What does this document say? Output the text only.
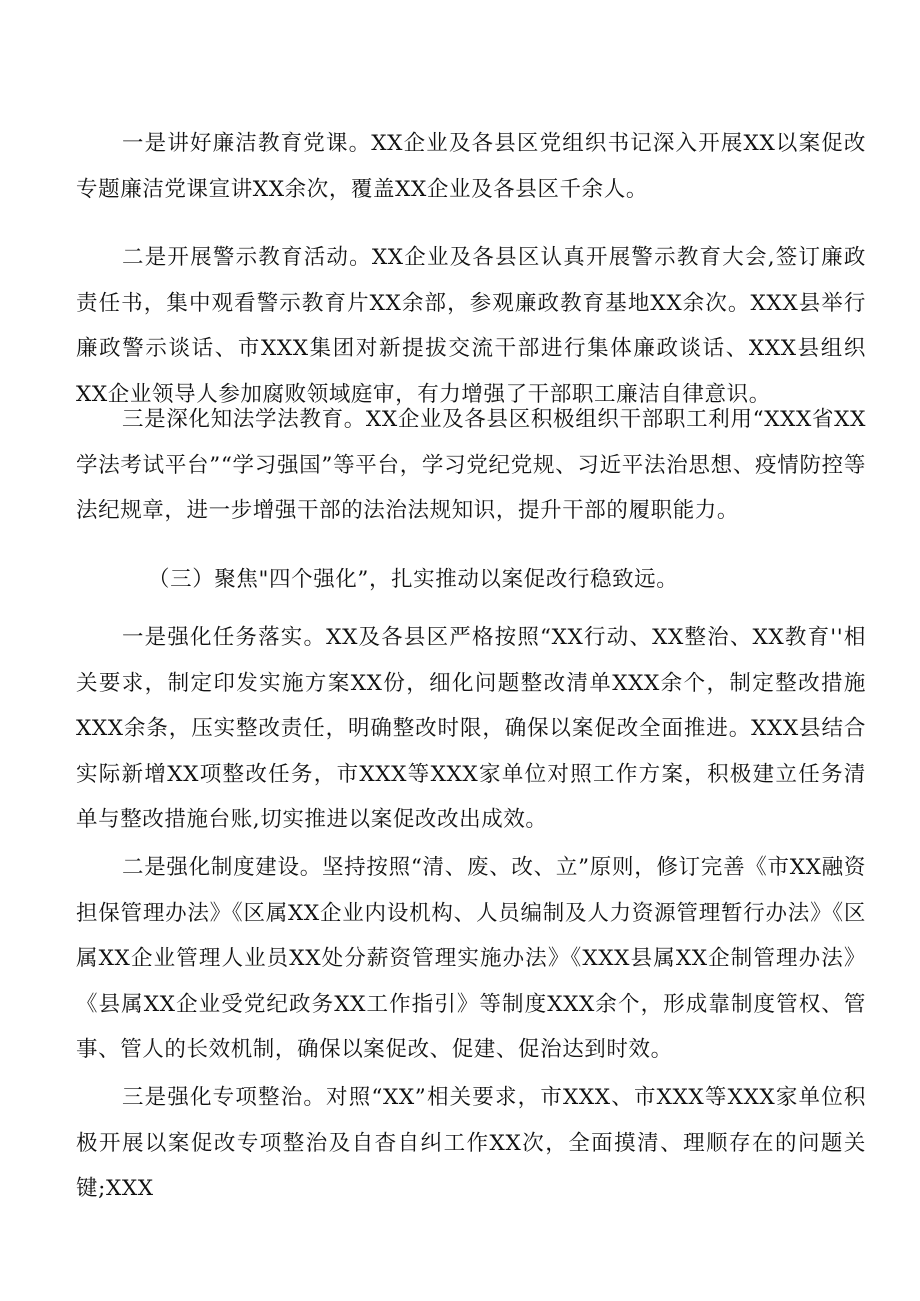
一是讲好廉洁教育党课。XX企业及各县区党组织书记深入开展XX以案促改专题廉洁党课宣讲XX余次，覆盖XX企业及各县区千余人。

二是开展警示教育活动。XX企业及各县区认真开展警示教育大会,签订廉政责任书，集中观看警示教育片XX余部，参观廉政教育基地XX余次。XXX县举行廉政警示谈话、市XXX集团对新提拔交流干部进行集体廉政谈话、XXX县组织XX企业领导人参加腐败领域庭审，有力增强了干部职工廉洁自律意识。

三是深化知法学法教育。XX企业及各县区积极组织干部职工利用“XXX省XX学法考试平台”“学习强国”等平台，学习党纪党规、习近平法治思想、疫情防控等法纪规章，进一步增强干部的法治法规知识，提升干部的履职能力。

（三）聚焦"四个强化”，扎实推动以案促改行稳致远。

一是强化任务落实。XX及各县区严格按照“XX行动、XX整治、XX教育''相关要求，制定印发实施方案XX份，细化问题整改清单XXX余个，制定整改措施XXX余条，压实整改责任，明确整改时限，确保以案促改全面推进。XXX县结合实际新增XX项整改任务，市XXX等XXX家单位对照工作方案，积极建立任务清单与整改措施台账,切实推进以案促改改出成效。

二是强化制度建设。坚持按照“清、废、改、立”原则，修订完善《市XX融资担保管理办法》《区属XX企业内设机构、人员编制及人力资源管理暂行办法》《区属XX企业管理人业员XX处分薪资管理实施办法》《XXX县属XX企制管理办法》《县属XX企业受党纪政务XX工作指引》等制度XXX余个，形成靠制度管权、管事、管人的长效机制，确保以案促改、促建、促治达到时效。

三是强化专项整治。对照“XX”相关要求，市XXX、市XXX等XXX家单位积极开展以案促改专项整治及自杳自纠工作XX次，全面摸清、理顺存在的问题关键;XXX
